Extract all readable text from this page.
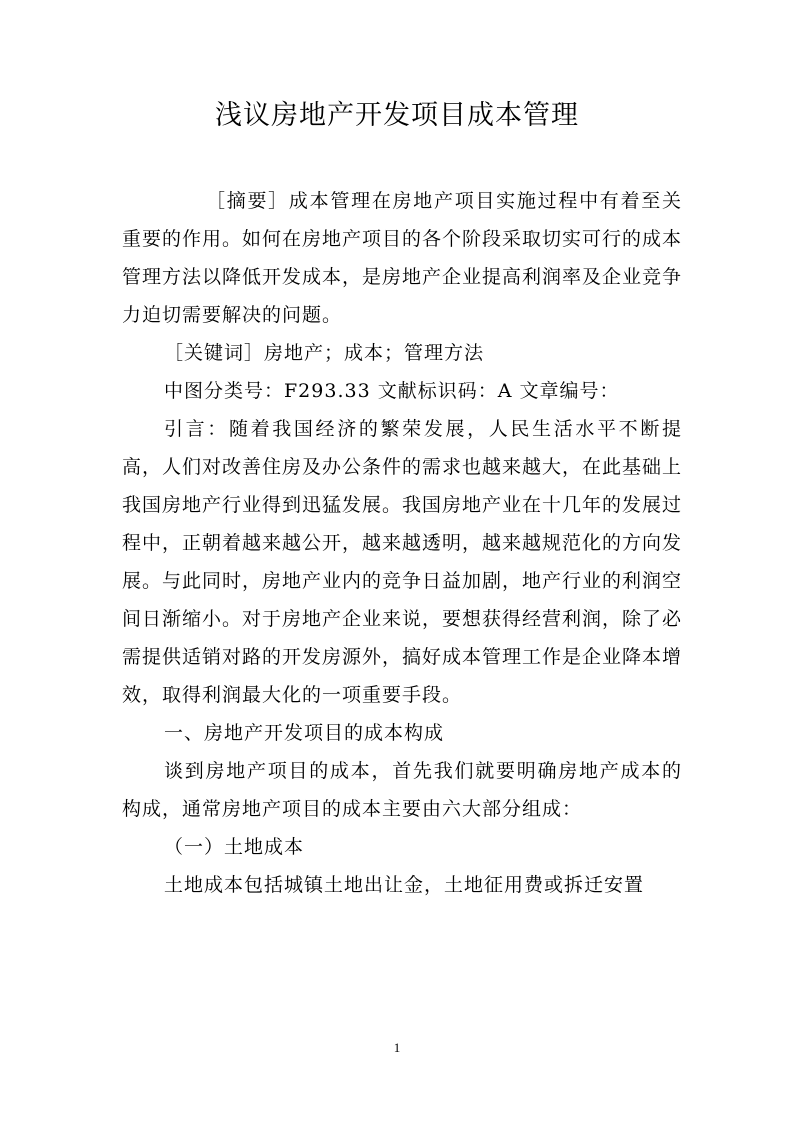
浅议房地产开发项目成本管理

［摘要］成本管理在房地产项目实施过程中有着至关重要的作用。如何在房地产项目的各个阶段采取切实可行的成本管理方法以降低开发成本，是房地产企业提高利润率及企业竞争力迫切需要解决的问题。

［关键词］房地产；成本；管理方法

中图分类号：F293.33 文献标识码：A 文章编号：

引言：随着我国经济的繁荣发展，人民生活水平不断提高，人们对改善住房及办公条件的需求也越来越大，在此基础上我国房地产行业得到迅猛发展。我国房地产业在十几年的发展过程中，正朝着越来越公开，越来越透明，越来越规范化的方向发展。与此同时，房地产业内的竞争日益加剧，地产行业的利润空间日渐缩小。对于房地产企业来说，要想获得经营利润，除了必需提供适销对路的开发房源外，搞好成本管理工作是企业降本增效，取得利润最大化的一项重要手段。

一、房地产开发项目的成本构成

谈到房地产项目的成本，首先我们就要明确房地产成本的构成，通常房地产项目的成本主要由六大部分组成：

（一）土地成本

土地成本包括城镇土地出让金，土地征用费或拆迁安置

1
